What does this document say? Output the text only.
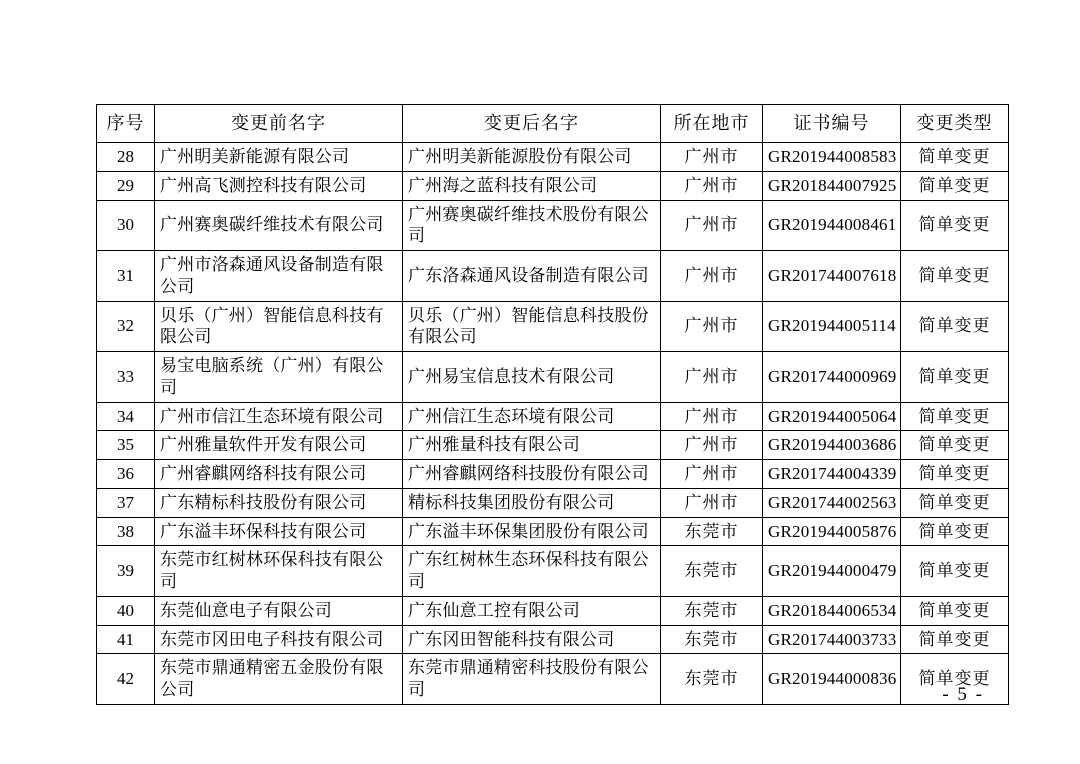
序号	变更前名字	变更后名字	所在地市	证书编号	变更类型
28	广州眀美新能源有限公司	广州明美新能源股份有限公司	广州市	GR201944008583	简单变更
29	广州高飞测控科技有限公司	广州海之蓝科技有限公司	广州市	GR201844007925	简单变更
30	广州赛奥碳纤维技术有限公司	广州赛奥碳纤维技术股份有限公司	广州市	GR201944008461	简单变更
31	广州市洛森通风设备制造有限公司	广东洛森通风设备制造有限公司	广州市	GR201744007618	简单变更
32	贝乐（广州）智能信息科技有限公司	贝乐（广州）智能信息科技股份有限公司	广州市	GR201944005114	简单变更
33	易宝电脑系统（广州）有限公司	广州易宝信息技术有限公司	广州市	GR201744000969	简单变更
34	广州市信江生态环境有限公司	广州信江生态环境有限公司	广州市	GR201944005064	简单变更
35	广州雅量软件开发有限公司	广州雅量科技有限公司	广州市	GR201944003686	简单变更
36	广州睿麒网络科技有限公司	广州睿麒网络科技股份有限公司	广州市	GR201744004339	简单变更
37	广东精标科技股份有限公司	精标科技集团股份有限公司	广州市	GR201744002563	简单变更
38	广东溢丰环保科技有限公司	广东溢丰环保集团股份有限公司	东莞市	GR201944005876	简单变更
39	东莞市红树林环保科技有限公司	广东红树林生态环保科技有限公司	东莞市	GR201944000479	简单变更
40	东莞仙意电子有限公司	广东仙意工控有限公司	东莞市	GR201844006534	简单变更
41	东莞市冈田电子科技有限公司	广东冈田智能科技有限公司	东莞市	GR201744003733	简单变更
42	东莞市鼎通精密五金股份有限公司	东莞市鼎通精密科技股份有限公司	东莞市	GR201944000836	简单变更
- 5 -
